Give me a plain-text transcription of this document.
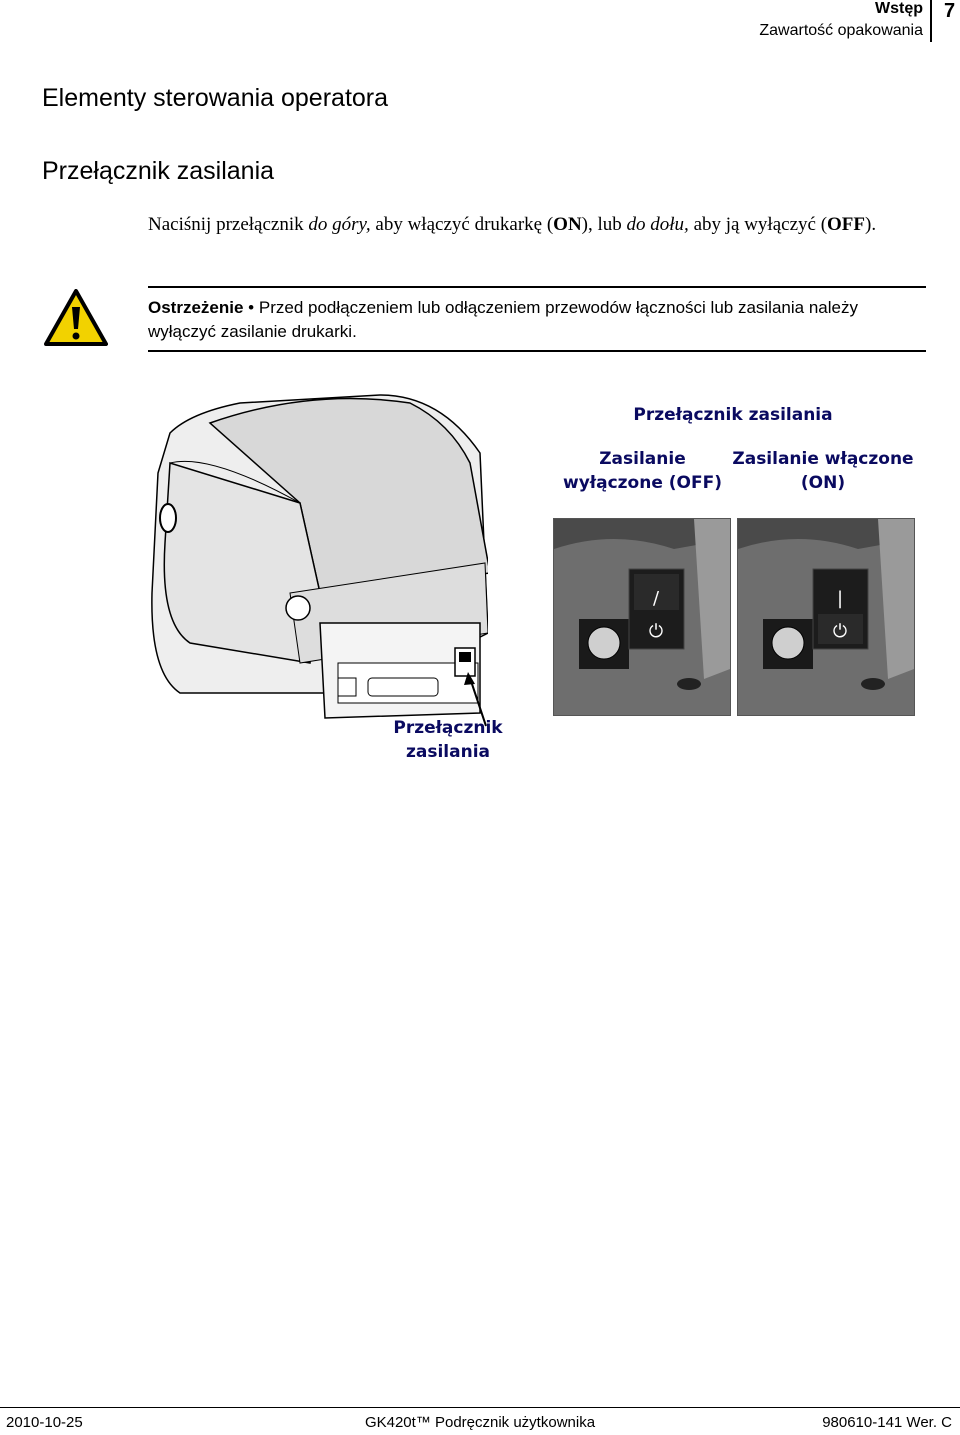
Wstęp
Zawartość opakowania
7
Elementy sterowania operatora
Przełącznik zasilania
Naciśnij przełącznik do góry, aby włączyć drukarkę (ON), lub do dołu, aby ją wyłączyć (OFF).
Ostrzeżenie • Przed podłączeniem lub odłączeniem przewodów łączności lub zasilania należy wyłączyć zasilanie drukarki.
Przełącznik zasilania
Przełącznik zasilania
Zasilanie wyłączone (OFF)
Zasilanie włączone (ON)
/
⏻
|
⏻
2010-10-25	GK420t™ Podręcznik użytkownika	980610-141 Wer. C
